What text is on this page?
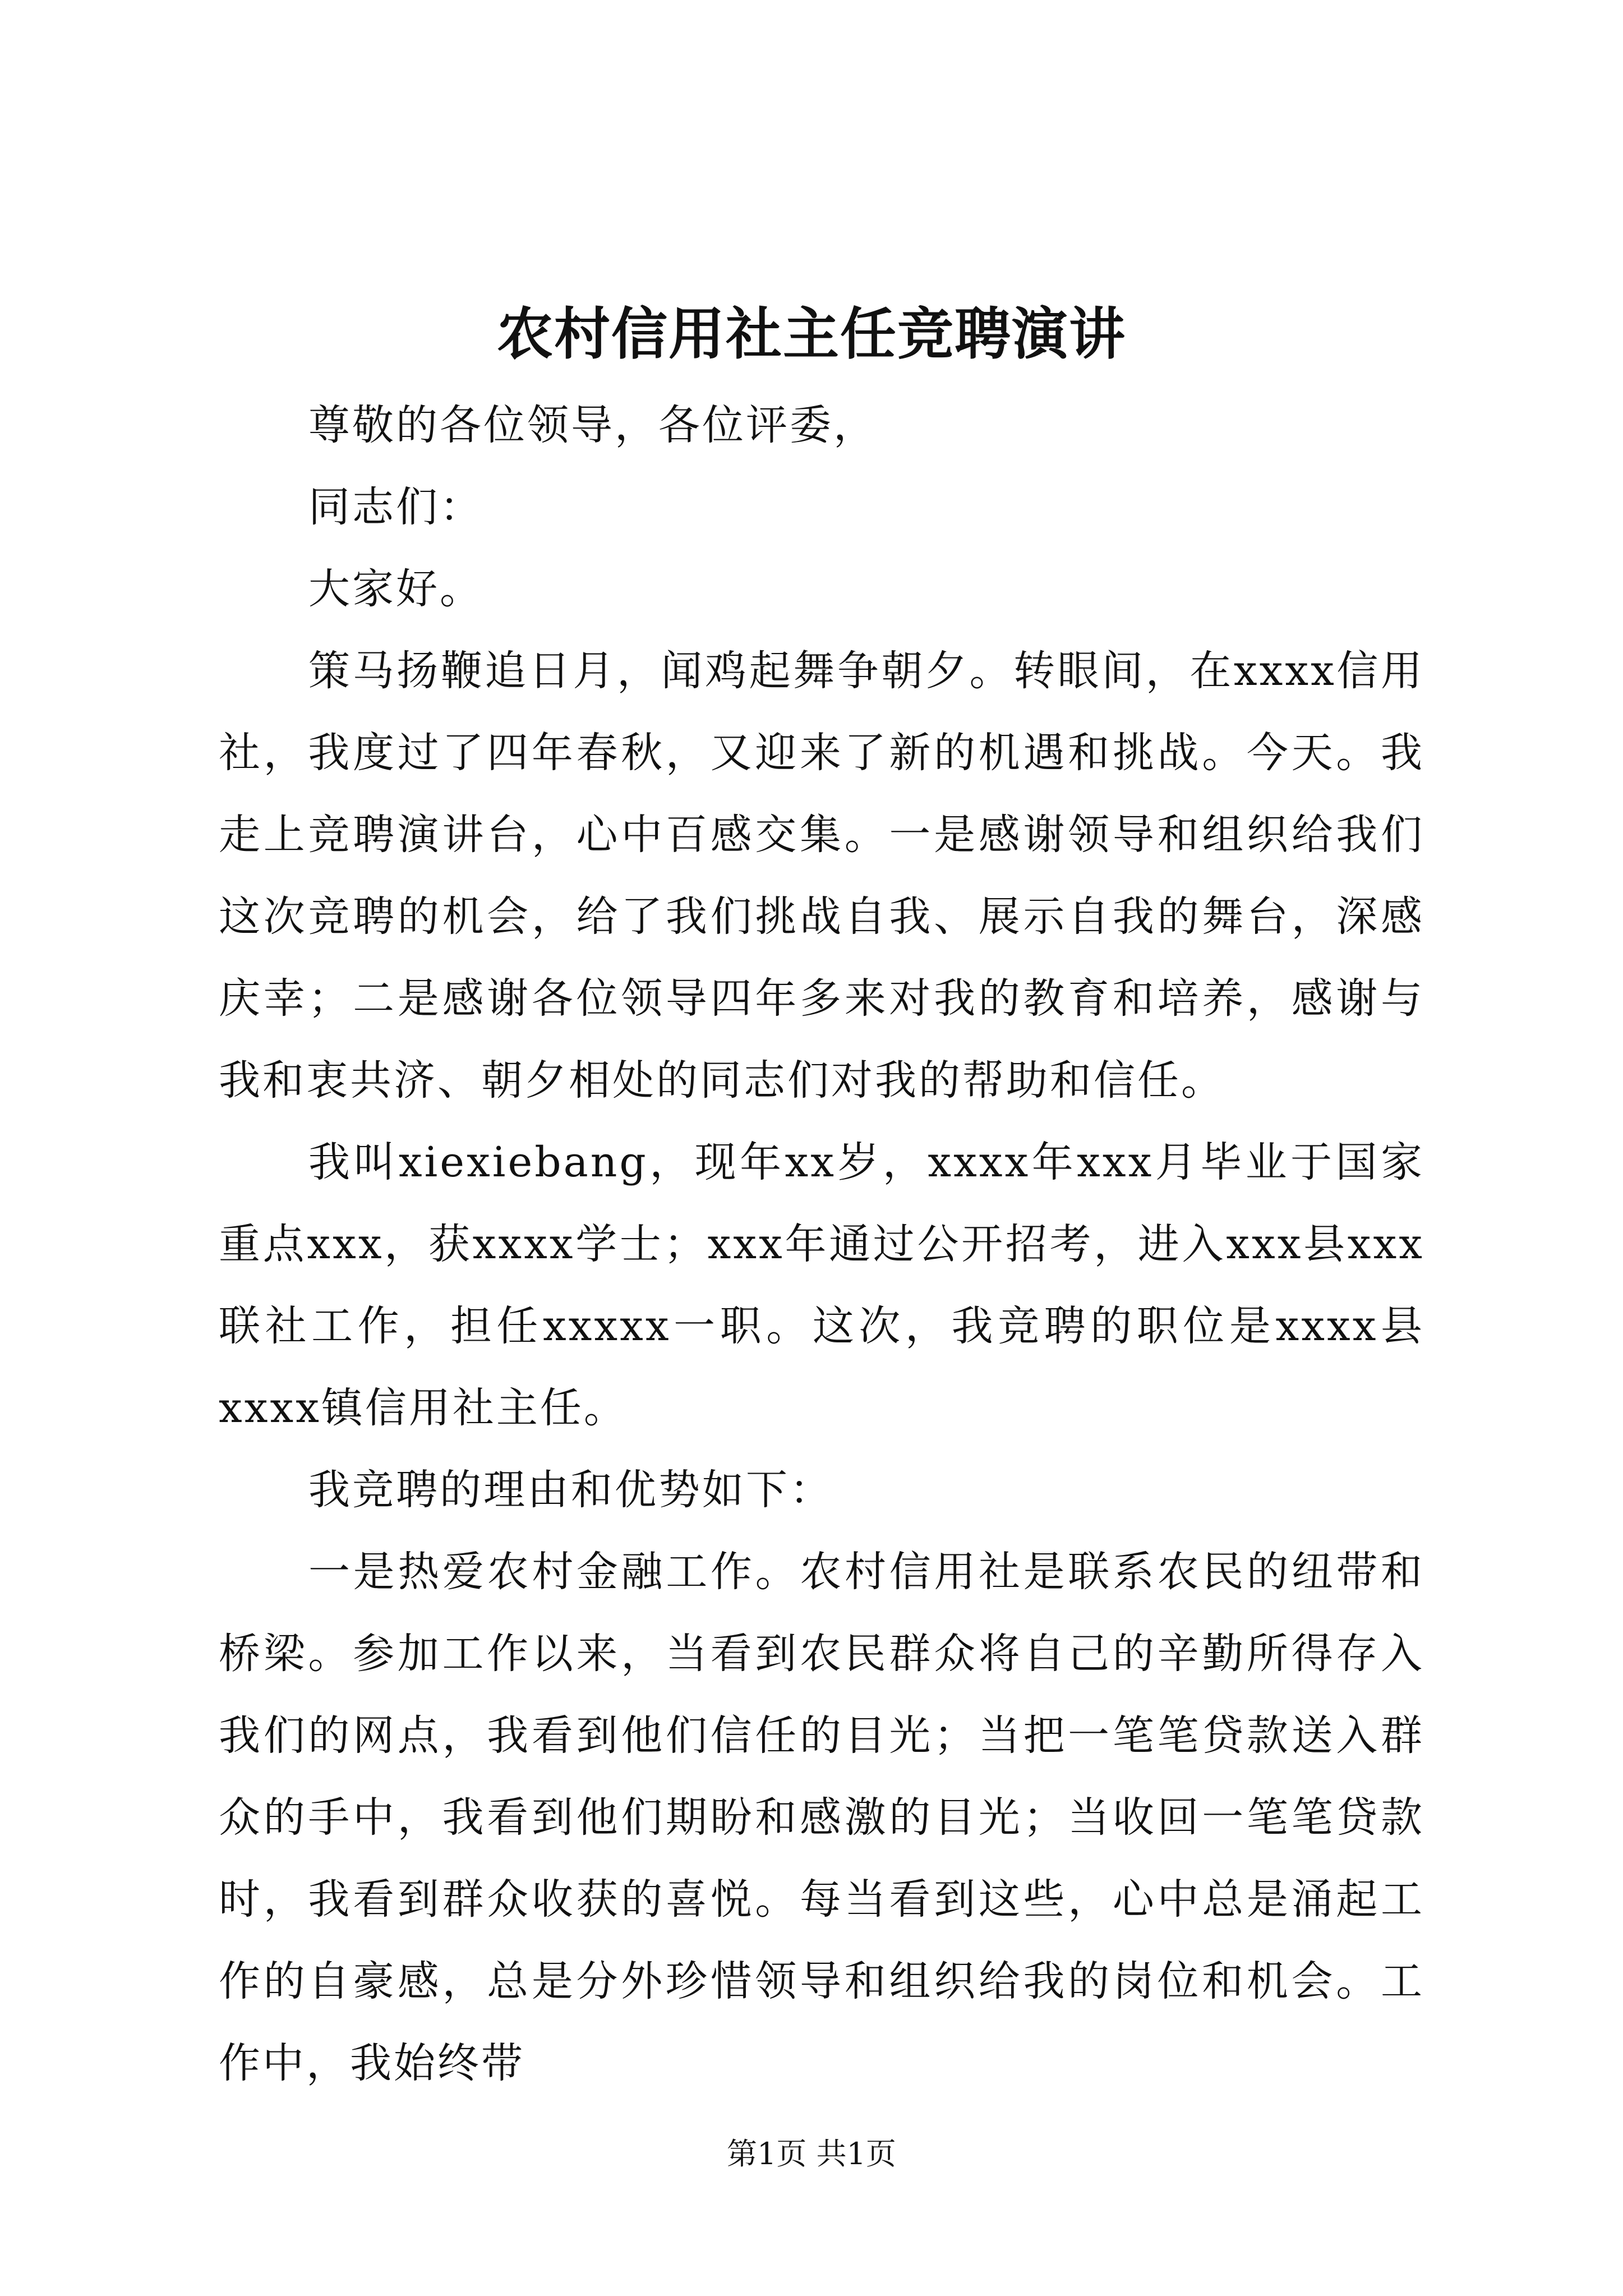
农村信用社主任竞聘演讲

尊敬的各位领导，各位评委，

同志们：

大家好。

策马扬鞭追日月，闻鸡起舞争朝夕。转眼间，在xxxx信用社，我度过了四年春秋，又迎来了新的机遇和挑战。今天。我走上竞聘演讲台，心中百感交集。一是感谢领导和组织给我们这次竞聘的机会，给了我们挑战自我、展示自我的舞台，深感庆幸；二是感谢各位领导四年多来对我的教育和培养，感谢与我和衷共济、朝夕相处的同志们对我的帮助和信任。

我叫xiexiebang，现年xx岁，xxxx年xxx月毕业于国家重点xxx，获xxxx学士；xxx年通过公开招考，进入xxx县xxx联社工作，担任xxxxx一职。这次，我竞聘的职位是xxxx县xxxx镇信用社主任。

我竞聘的理由和优势如下：

一是热爱农村金融工作。农村信用社是联系农民的纽带和桥梁。参加工作以来，当看到农民群众将自己的辛勤所得存入我们的网点，我看到他们信任的目光；当把一笔笔贷款送入群众的手中，我看到他们期盼和感激的目光；当收回一笔笔贷款时，我看到群众收获的喜悦。每当看到这些，心中总是涌起工作的自豪感，总是分外珍惜领导和组织给我的岗位和机会。工作中，我始终带

第1页 共1页
